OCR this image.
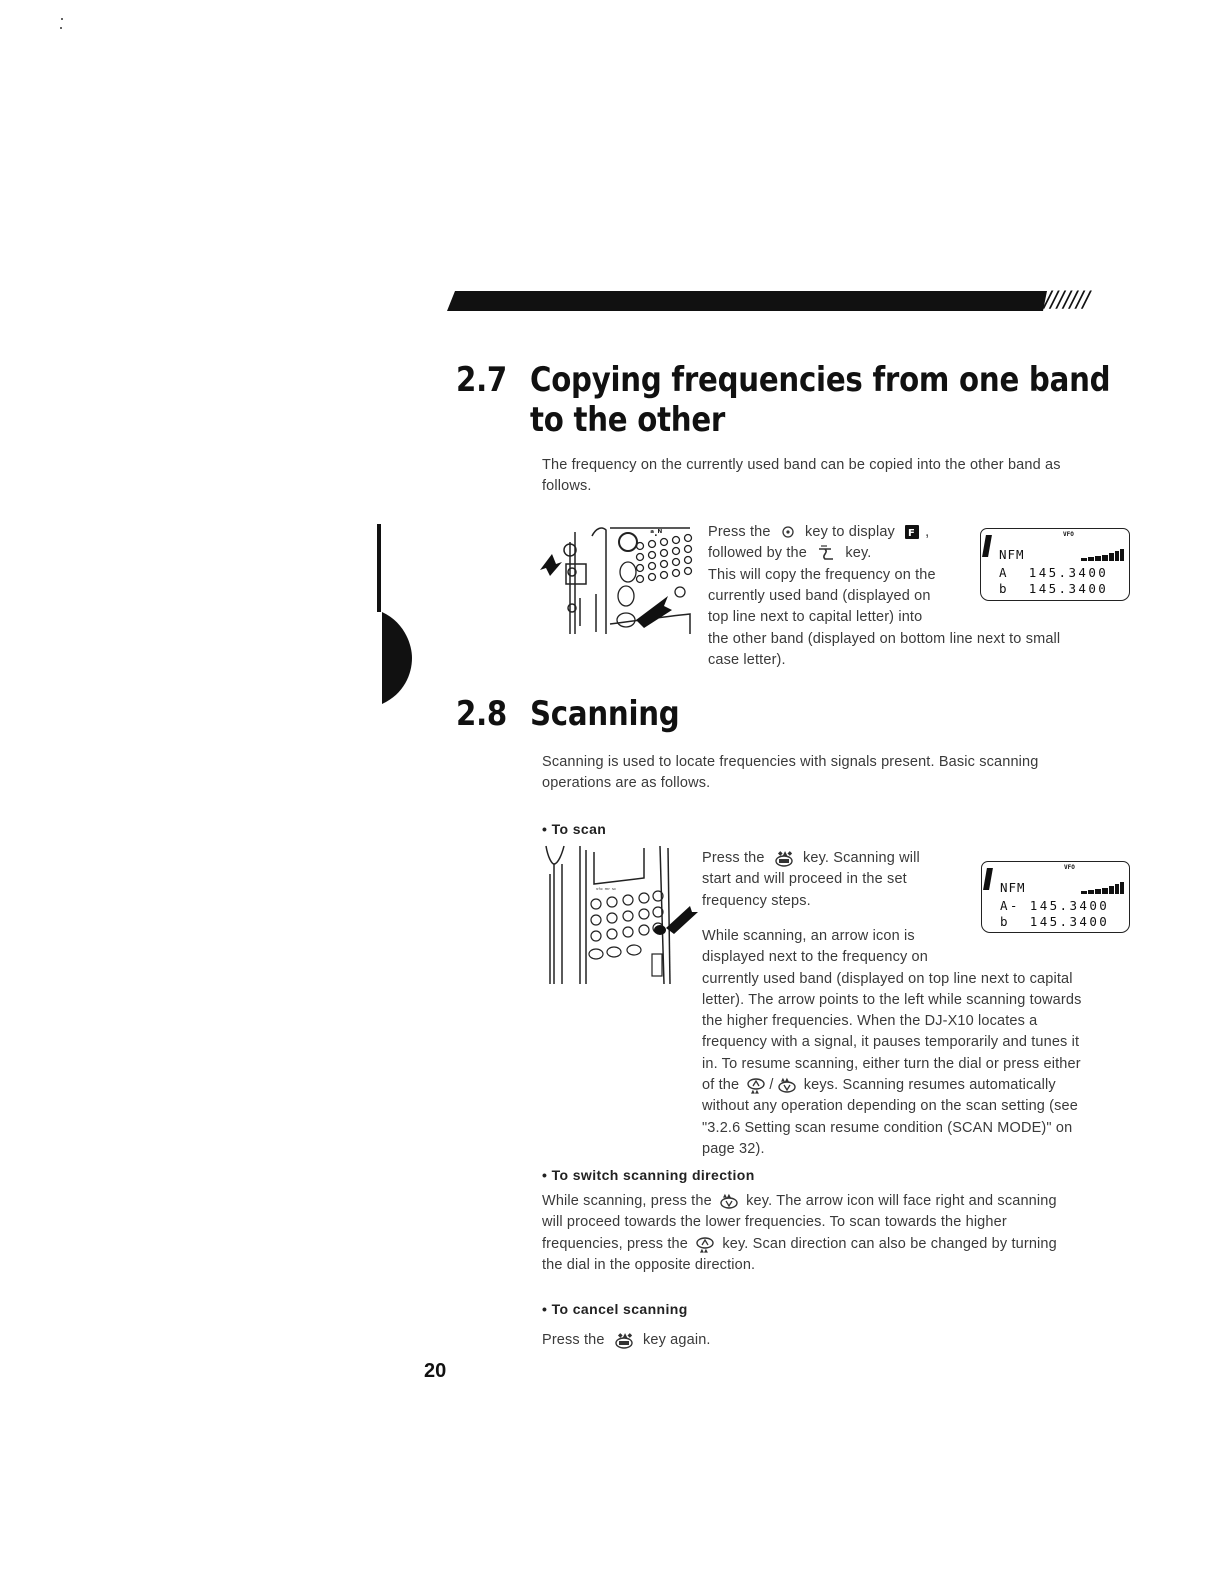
///////
2.7 Copying frequencies from one band to the other
The frequency on the currently used band can be copied into the other band as
follows.
ᵃ.ᴺ	Press the key to display F ,
followed by the	key.
This will copy the frequency on the
currently used band (displayed on
top line next to capital letter) into
the other band (displayed on bottom line next to small
case letter).
VFO
NFM
A  145.3400
b  145.3400
2.8 Scanning
Scanning is used to locate frequencies with signals present. Basic scanning
operations are as follows.
• To scan
ᵛᶠᵒ ᵐʳ ˢᶜ
Press the ◆▲◆ key. Scanning will
start and will proceed in the set
frequency steps.
While scanning, an arrow icon is
displayed next to the frequency on
currently used band (displayed on top line next to capital
letter). The arrow points to the left while scanning towards
the higher frequencies. When the DJ-X10 locates a
frequency with a signal, it pauses temporarily and tunes it
in. To resume scanning, either turn the dial or press either
of the ▲▲ / ▲▲ keys. Scanning resumes automatically
without any operation depending on the scan setting (see
"3.2.6 Setting scan resume condition (SCAN MODE)" on
page 32).
VFO
NFM
A- 145.3400
b  145.3400
• To switch scanning direction
While scanning, press the ▲▲ key. The arrow icon will face right and scanning
will proceed towards the lower frequencies. To scan towards the higher
frequencies, press the ▲▲ key. Scan direction can also be changed by turning
the dial in the opposite direction.
• To cancel scanning
Press the ◆▲◆ key again.
20
